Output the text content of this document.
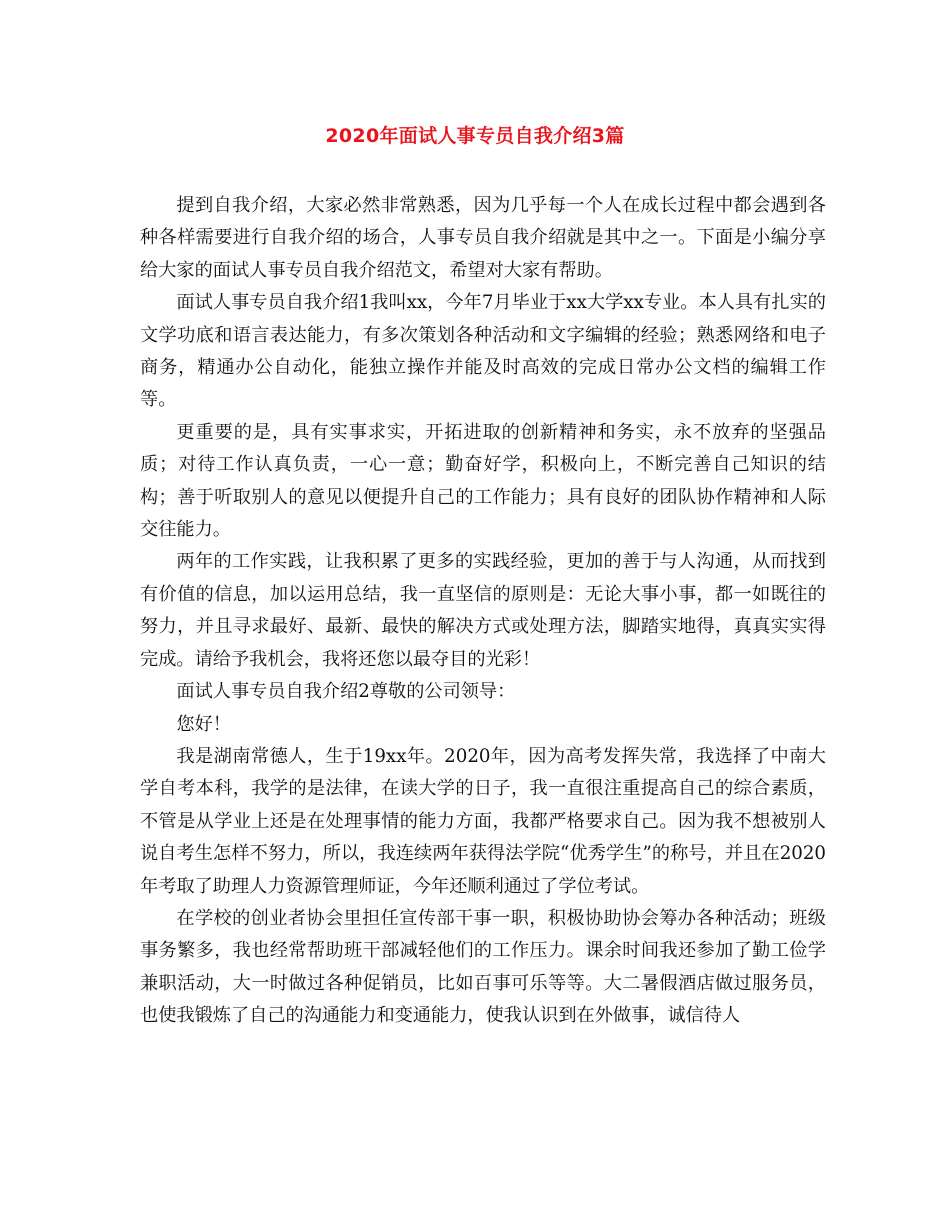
2020年面试人事专员自我介绍3篇

提到自我介绍，大家必然非常熟悉，因为几乎每一个人在成长过程中都会遇到各种各样需要进行自我介绍的场合，人事专员自我介绍就是其中之一。下面是小编分享给大家的面试人事专员自我介绍范文，希望对大家有帮助。

面试人事专员自我介绍1我叫xx，今年7月毕业于xx大学xx专业。本人具有扎实的文学功底和语言表达能力，有多次策划各种活动和文字编辑的经验；熟悉网络和电子商务，精通办公自动化，能独立操作并能及时高效的完成日常办公文档的编辑工作等。

更重要的是，具有实事求实，开拓进取的创新精神和务实，永不放弃的坚强品质；对待工作认真负责，一心一意；勤奋好学，积极向上，不断完善自己知识的结构；善于听取别人的意见以便提升自己的工作能力；具有良好的团队协作精神和人际交往能力。

两年的工作实践，让我积累了更多的实践经验，更加的善于与人沟通，从而找到有价值的信息，加以运用总结，我一直坚信的原则是：无论大事小事，都一如既往的努力，并且寻求最好、最新、最快的解决方式或处理方法，脚踏实地得，真真实实得完成。请给予我机会，我将还您以最夺目的光彩！

面试人事专员自我介绍2尊敬的公司领导：

您好！

我是湖南常德人，生于19xx年。2020年，因为高考发挥失常，我选择了中南大学自考本科，我学的是法律，在读大学的日子，我一直很注重提高自己的综合素质，不管是从学业上还是在处理事情的能力方面，我都严格要求自己。因为我不想被别人说自考生怎样不努力，所以，我连续两年获得法学院“优秀学生”的称号，并且在2020年考取了助理人力资源管理师证，今年还顺利通过了学位考试。

在学校的创业者协会里担任宣传部干事一职，积极协助协会筹办各种活动；班级事务繁多，我也经常帮助班干部减轻他们的工作压力。课余时间我还参加了勤工俭学兼职活动，大一时做过各种促销员，比如百事可乐等等。大二暑假酒店做过服务员，也使我锻炼了自己的沟通能力和变通能力，使我认识到在外做事，诚信待人
